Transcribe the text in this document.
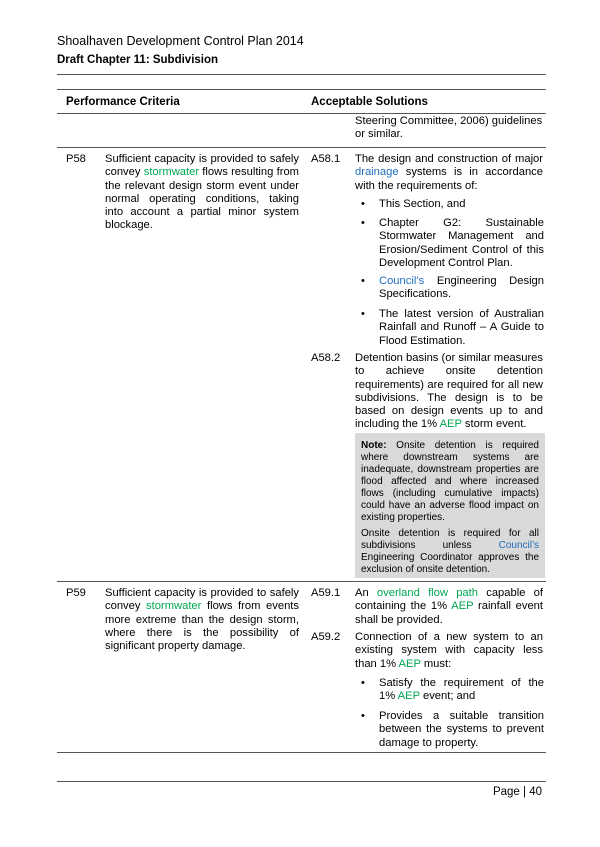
Shoalhaven Development Control Plan 2014
Draft Chapter 11: Subdivision
Performance Criteria	Acceptable Solutions
Steering Committee, 2006) guidelines
or similar.
P58 Sufficient capacity is provided to safely convey stormwater flows resulting from the relevant design storm event under normal operating conditions, taking into account a partial minor system blockage.
A58.1 The design and construction of major drainage systems is in accordance with the requirements of:
• This Section, and
• Chapter G2: Sustainable Stormwater Management and Erosion/Sediment Control of this Development Control Plan.
• Council’s Engineering Design Specifications.
• The latest version of Australian Rainfall and Runoff – A Guide to Flood Estimation.
A58.2 Detention basins (or similar measures to achieve onsite detention requirements) are required for all new subdivisions. The design is to be based on design events up to and including the 1% AEP storm event.
Note: Onsite detention is required where downstream systems are inadequate, downstream properties are flood affected and where increased flows (including cumulative impacts) could have an adverse flood impact on existing properties.
Onsite detention is required for all subdivisions unless Council’s Engineering Coordinator approves the exclusion of onsite detention.
P59 Sufficient capacity is provided to safely convey stormwater flows from events more extreme than the design storm, where there is the possibility of significant property damage.
A59.1 An overland flow path capable of containing the 1% AEP rainfall event shall be provided.
A59.2 Connection of a new system to an existing system with capacity less than 1% AEP must:
• Satisfy the requirement of the 1% AEP event; and
• Provides a suitable transition between the systems to prevent damage to property.
Page | 40
